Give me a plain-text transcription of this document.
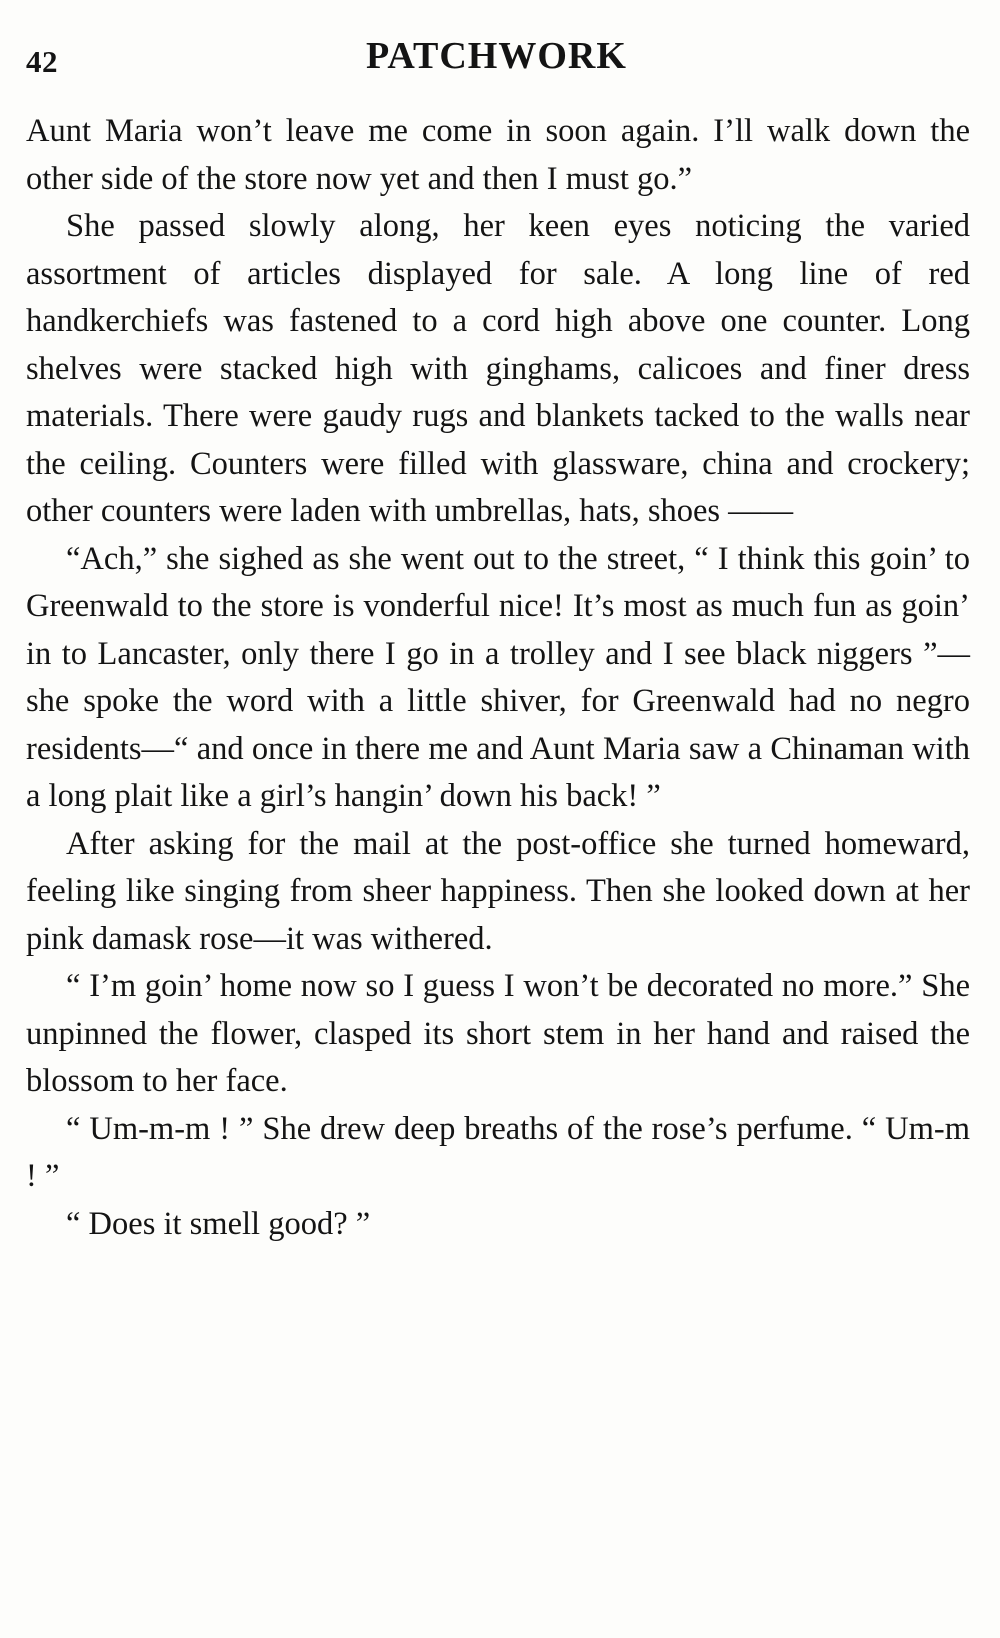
42	PATCHWORK

Aunt Maria won’t leave me come in soon again. I’ll walk down the other side of the store now yet and then I must go.”

She passed slowly along, her keen eyes noticing the varied assortment of articles displayed for sale. A long line of red handkerchiefs was fastened to a cord high above one counter. Long shelves were stacked high with ginghams, calicoes and finer dress materials. There were gaudy rugs and blankets tacked to the walls near the ceiling. Counters were filled with glassware, china and crockery; other counters were laden with umbrellas, hats, shoes ——

“Ach,” she sighed as she went out to the street, “ I think this goin’ to Greenwald to the store is vonderful nice! It’s most as much fun as goin’ in to Lancaster, only there I go in a trolley and I see black niggers ”— she spoke the word with a little shiver, for Greenwald had no negro residents—“ and once in there me and Aunt Maria saw a Chinaman with a long plait like a girl’s hangin’ down his back! ”

After asking for the mail at the post-office she turned homeward, feeling like singing from sheer happiness. Then she looked down at her pink damask rose—it was withered.

“ I’m goin’ home now so I guess I won’t be decorated no more.” She unpinned the flower, clasped its short stem in her hand and raised the blossom to her face.

“ Um-m-m ! ” She drew deep breaths of the rose’s perfume. “ Um-m ! ”

“ Does it smell good? ”
